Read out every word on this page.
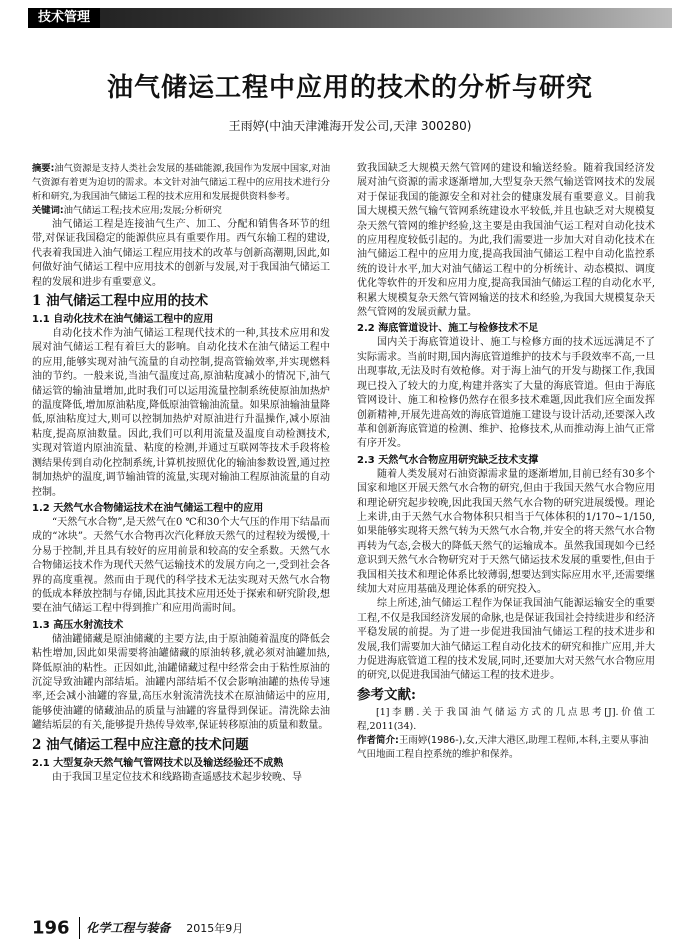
技术管理
油气储运工程中应用的技术的分析与研究
王雨婷(中油天津滩海开发公司,天津 300280)
摘要:油气资源是支持人类社会发展的基础能源,我国作为发展中国家,对油气资源有着更为迫切的需求。本文针对油气储运工程中的应用技术进行分析和研究,为我国油气储运工程的技术应用和发展提供资料参考。
关键词:油气储运工程;技术应用;发展;分析研究

油气储运工程是连接油气生产、加工、分配和销售各环节的纽带,对保证我国稳定的能源供应具有重要作用。西气东输工程的建设,代表着我国进入油气储运工程应用技术的改革与创新高潮期,因此,如何做好油气储运工程中应用技术的创新与发展,对于我国油气储运工程的发展和进步有重要意义。

1 油气储运工程中应用的技术
1.1 自动化技术在油气储运工程中的应用

自动化技术作为油气储运工程现代技术的一种,其技术应用和发展对油气储运工程有着巨大的影响。自动化技术在油气储运工程中的应用,能够实现对油气流量的自动控制,提高管输效率,并实现燃料油的节约。一般来说,当油气温度过高,原油粘度减小的情况下,油气储运管的输油量增加,此时我们可以运用流量控制系统使原油加热炉的温度降低,增加原油粘度,降低原油管输油流量。如果原油输油量降低,原油粘度过大,则可以控制加热炉对原油进行升温操作,减小原油粘度,提高原油数量。因此,我们可以利用流量及温度自动检测技术,实现对管道内原油流量、粘度的检测,并通过互联网等技术手段将检测结果传到自动化控制系统,计算机按照优化的输油参数设置,通过控制加热炉的温度,调节输油管的流量,实现对输油工程原油流量的自动控制。

1.2 天然气水合物储运技术在油气储运工程中的应用

“天然气水合物”,是天然气在0 ℃和30个大气压的作用下结晶而成的“冰块”。天然气水合物再次汽化释放天然气的过程较为缓慢,十分易于控制,并且具有较好的应用前景和较高的安全系数。天然气水合物储运技术作为现代天然气运输技术的发展方向之一,受到社会各界的高度重视。然而由于现代的科学技术无法实现对天然气水合物的低成本释放控制与存储,因此其技术应用还处于探索和研究阶段,想要在油气储运工程中得到推广和应用尚需时间。

1.3 高压水射流技术

储油罐储藏是原油储藏的主要方法,由于原油随着温度的降低会粘性增加,因此如果需要将油罐储藏的原油转移,就必须对油罐加热,降低原油的粘性。正因如此,油罐储藏过程中经常会由于粘性原油的沉淀导致油罐内部结垢。油罐内部结垢不仅会影响油罐的热传导速率,还会减小油罐的容量,高压水射流清洗技术在原油储运中的应用,能够使油罐的储藏油品的质量与油罐的容量得到保证。清洗除去油罐结垢层的有关,能够提升热传导效率,保证转移原油的质量和数量。

2 油气储运工程中应注意的技术问题
2.1 大型复杂天然气输气管网技术以及输送经验还不成熟

由于我国卫星定位技术和线路勘查遥感技术起步较晚、导

致我国缺乏大规模天然气管网的建设和输送经验。随着我国经济发展对油气资源的需求逐渐增加,大型复杂天然气输送管网技术的发展对于保证我国的能源安全和对社会的健康发展有重要意义。目前我国大规模天然气输气管网系统建设水平较低,并且也缺乏对大规模复杂天然气管网的维护经验,这主要是由我国油气运工程对自动化技术的应用程度较低引起的。为此,我们需要进一步加大对自动化技术在油气储运工程中的应用力度,提高我国油气储运工程中自动化监控系统的设计水平,加大对油气储运工程中的分析统计、动态模拟、调度优化等软件的开发和应用力度,提高我国油气储运工程的自动化水平,积累大规模复杂天然气管网输送的技术和经验,为我国大规模复杂天然气管网的发展贡献力量。

2.2 海底管道设计、施工与检修技术不足

国内关于海底管道设计、施工与检修方面的技术远远满足不了实际需求。当前时期,国内海底管道维护的技术与手段效率不高,一旦出现事故,无法及时有效枪修。对于海上油气的开发与勘探工作,我国现已投入了较大的力度,构建并落实了大量的海底管道。但由于海底管网设计、施工和检修仍然存在很多技术难题,因此我们应全面发挥创新精神,开展先进高效的海底管道施工建设与设计活动,还要深入改革和创新海底管道的检测、维护、抢修技术,从而推动海上油气正常有序开发。

2.3 天然气水合物应用研究缺乏技术支撑

随着人类发展对石油资源需求量的逐渐增加,目前已经有30多个国家和地区开展天然气水合物的研究,但由于我国天然气水合物应用和理论研究起步较晚,因此我国天然气水合物的研究进展缓慢。理论上来讲,由于天然气水合物体积只相当于气体体积的1/170~1/150,如果能够实现将天然气转为天然气水合物,并安全的将天然气水合物再转为气态,会极大的降低天然气的运输成本。虽然我国现如今已经意识到天然气水合物研究对于天然气储运技术发展的重要性,但由于我国相关技术和理论体系比较薄弱,想要达到实际应用水平,还需要继续加大对应用基础及理论体系的研究投入。

综上所述,油气储运工程作为保证我国油气能源运输安全的重要工程,不仅是我国经济发展的命脉,也是保证我国社会持续进步和经济平稳发展的前提。为了进一步促进我国油气储运工程的技术进步和发展,我们需要加大油气储运工程自动化技术的研究和推广应用,并大力促进海底管道工程的技术发展,同时,还要加大对天然气水合物应用的研究,以促进我国油气储运工程的技术进步。

参考文献:

[1]李鹏.关于我国油气储运方式的几点思考[J].价值工程,2011(34).

作者简介:王雨婷(1986-),女,天津大港区,助理工程师,本科,主要从事油气田地面工程自控系统的维护和保养。
196 化学工程与装备 2015年9月
